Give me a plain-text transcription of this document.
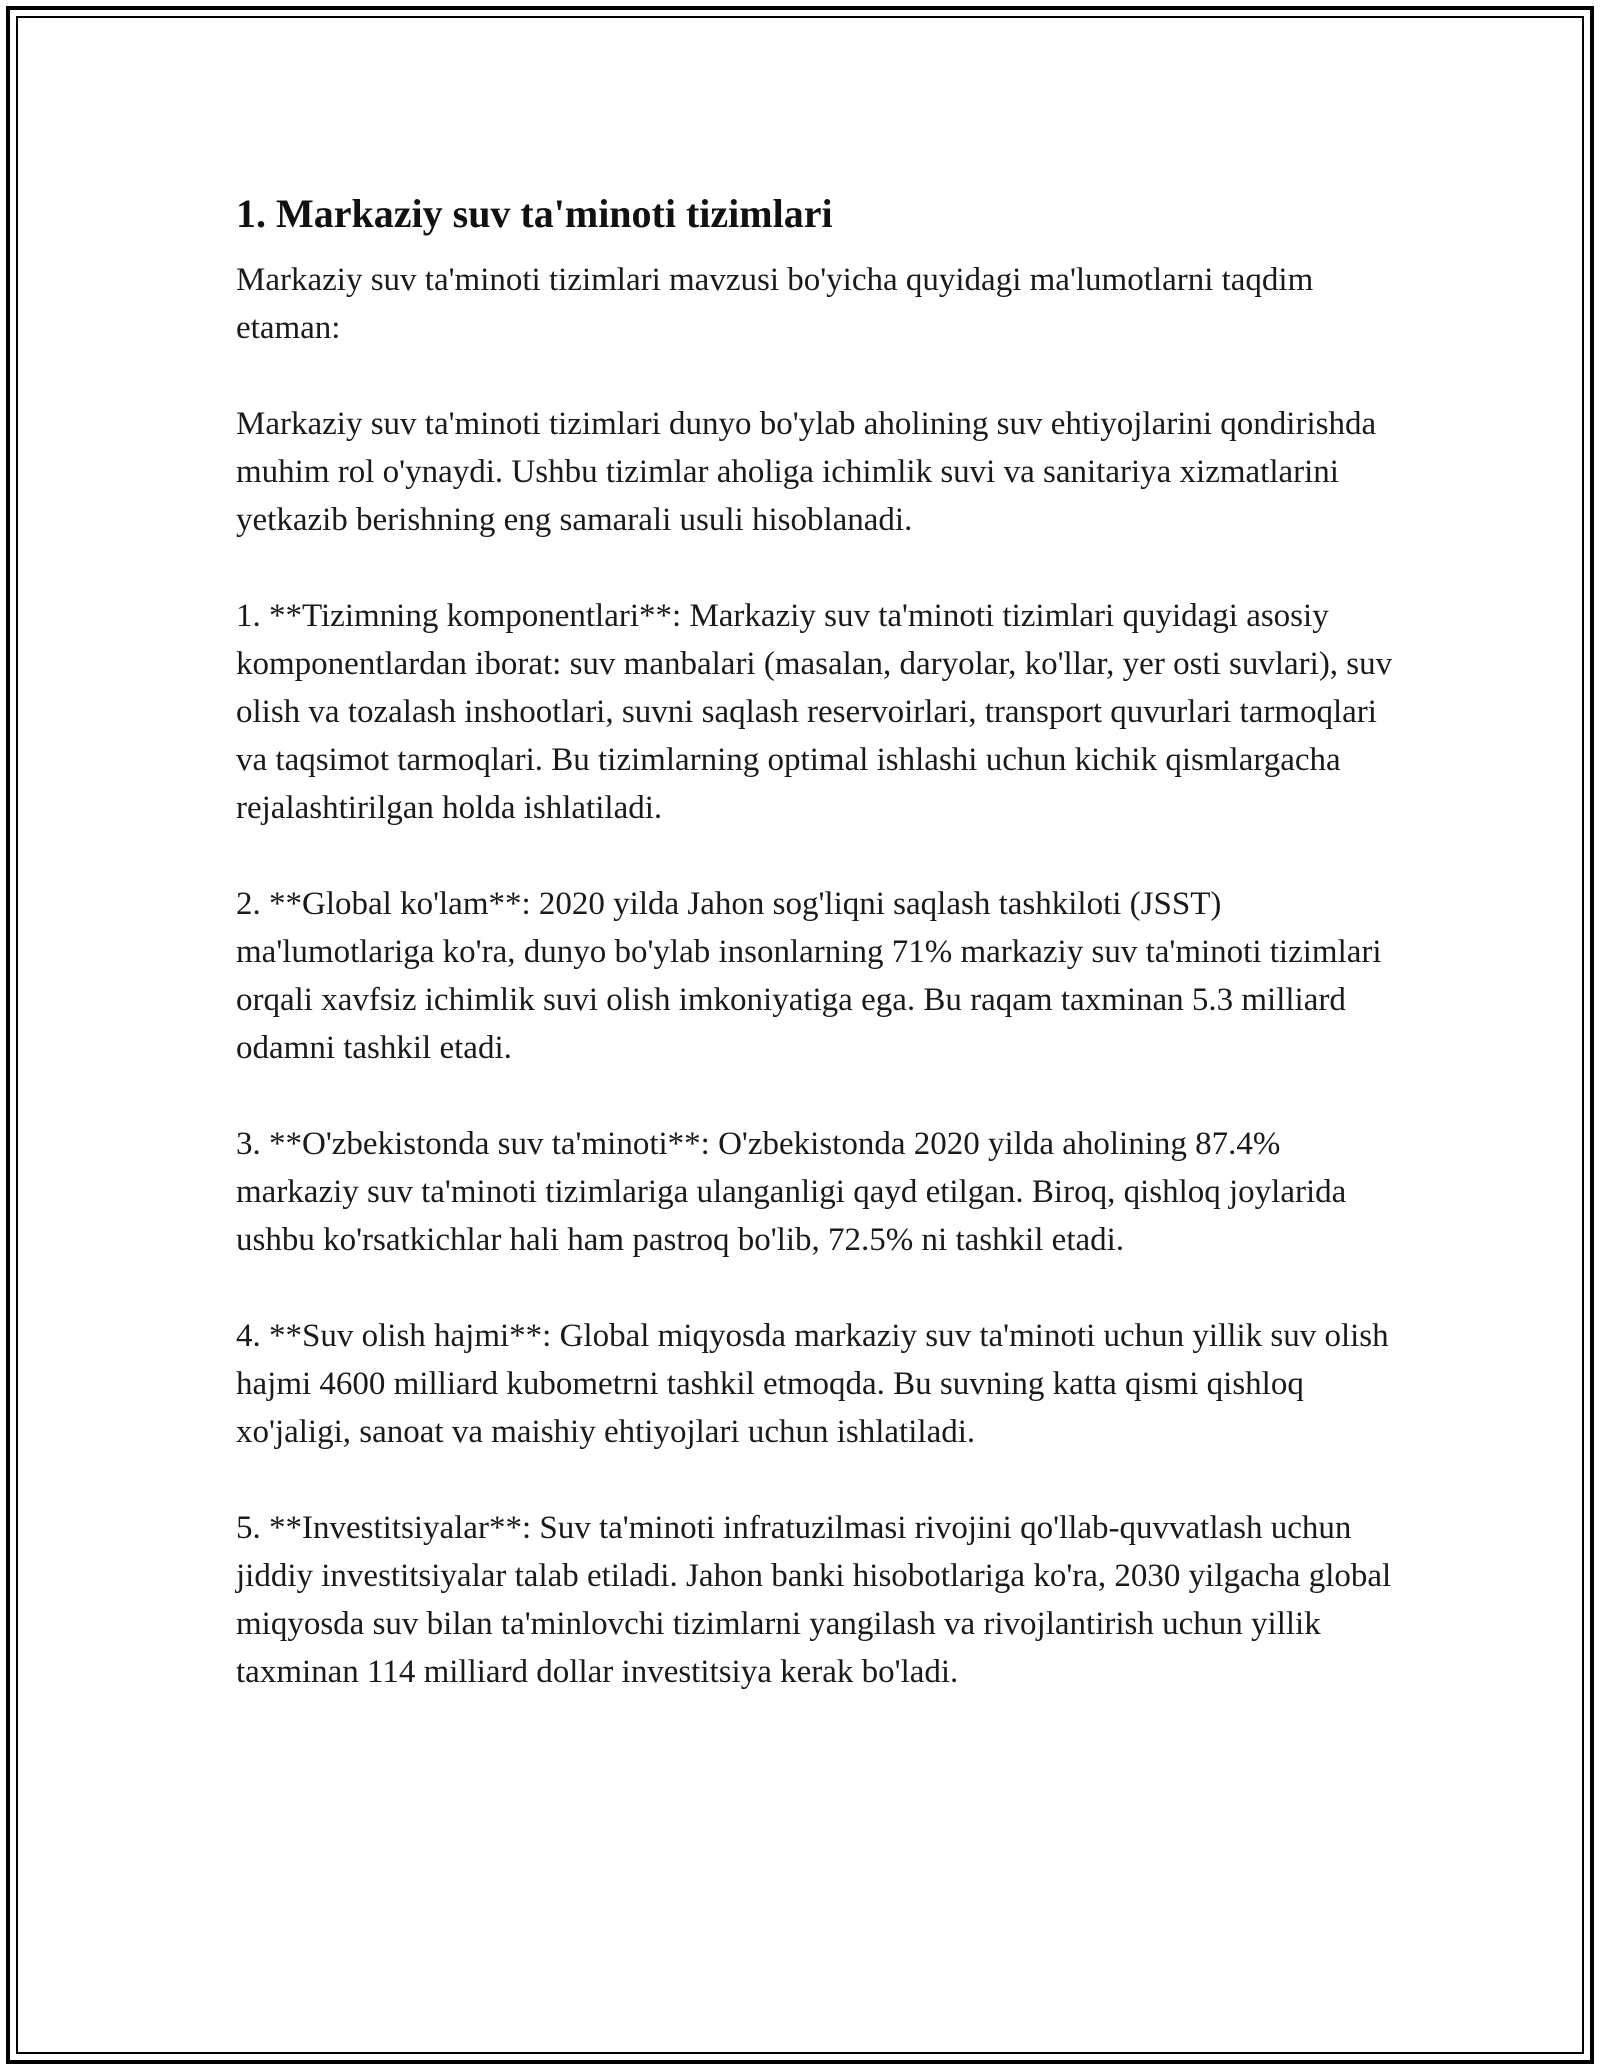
1. Markaziy suv ta'minoti tizimlari

Markaziy suv ta'minoti tizimlari mavzusi bo'yicha quyidagi ma'lumotlarni taqdim etaman:

Markaziy suv ta'minoti tizimlari dunyo bo'ylab aholining suv ehtiyojlarini qondirishda muhim rol o'ynaydi. Ushbu tizimlar aholiga ichimlik suvi va sanitariya xizmatlarini yetkazib berishning eng samarali usuli hisoblanadi.

1. **Tizimning komponentlari**: Markaziy suv ta'minoti tizimlari quyidagi asosiy komponentlardan iborat: suv manbalari (masalan, daryolar, ko'llar, yer osti suvlari), suv olish va tozalash inshootlari, suvni saqlash reservoirlari, transport quvurlari tarmoqlari va taqsimot tarmoqlari. Bu tizimlarning optimal ishlashi uchun kichik qismlargacha rejalashtirilgan holda ishlatiladi.

2. **Global ko'lam**: 2020 yilda Jahon sog'liqni saqlash tashkiloti (JSST) ma'lumotlariga ko'ra, dunyo bo'ylab insonlarning 71% markaziy suv ta'minoti tizimlari orqali xavfsiz ichimlik suvi olish imkoniyatiga ega. Bu raqam taxminan 5.3 milliard odamni tashkil etadi.

3. **O'zbekistonda suv ta'minoti**: O'zbekistonda 2020 yilda aholining 87.4% markaziy suv ta'minoti tizimlariga ulanganligi qayd etilgan. Biroq, qishloq joylarida ushbu ko'rsatkichlar hali ham pastroq bo'lib, 72.5% ni tashkil etadi.

4. **Suv olish hajmi**: Global miqyosda markaziy suv ta'minoti uchun yillik suv olish hajmi 4600 milliard kubometrni tashkil etmoqda. Bu suvning katta qismi qishloq xo'jaligi, sanoat va maishiy ehtiyojlari uchun ishlatiladi.

5. **Investitsiyalar**: Suv ta'minoti infratuzilmasi rivojini qo'llab-quvvatlash uchun jiddiy investitsiyalar talab etiladi. Jahon banki hisobotlariga ko'ra, 2030 yilgacha global miqyosda suv bilan ta'minlovchi tizimlarni yangilash va rivojlantirish uchun yillik taxminan 114 milliard dollar investitsiya kerak bo'ladi.
